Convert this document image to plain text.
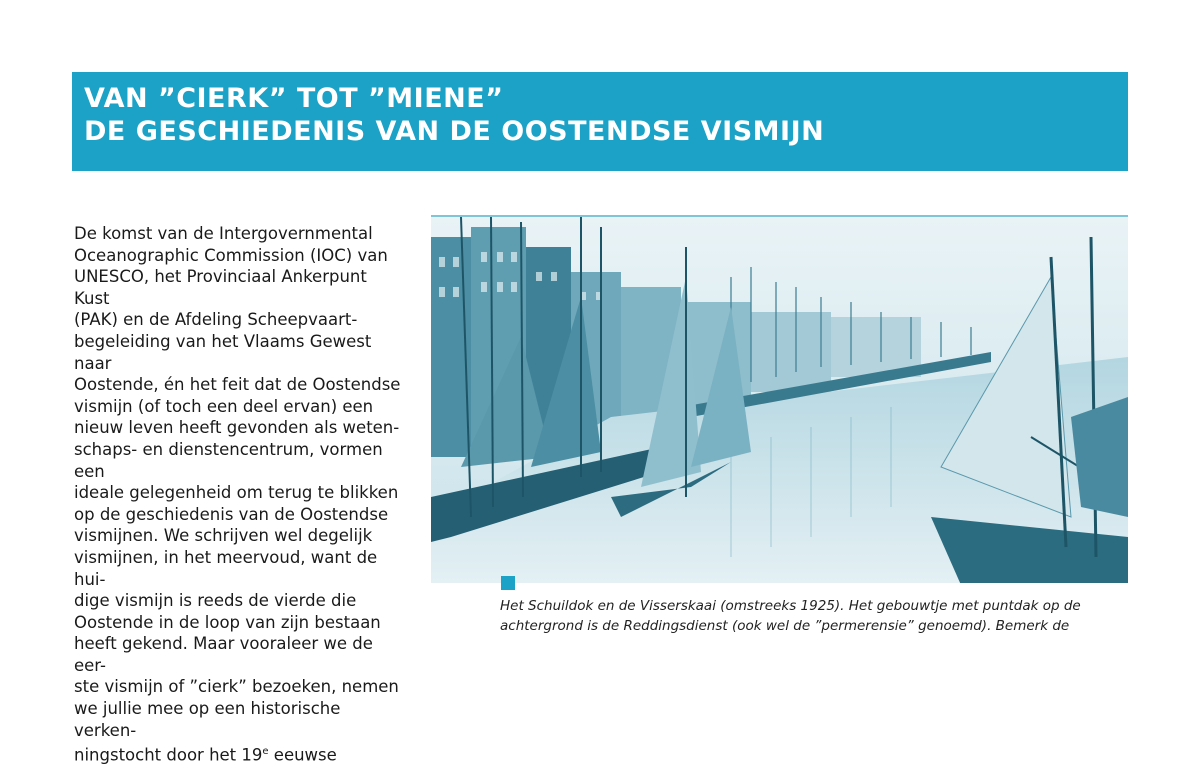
VAN ”CIERK” TOT ”MIENE”
DE GESCHIEDENIS VAN DE OOSTENDSE VISMIJN
De komst van de Intergovernmental
Oceanographic Commission (IOC) van
UNESCO, het Provinciaal Ankerpunt Kust
(PAK) en de Afdeling Scheepvaart-
begeleiding van het Vlaams Gewest naar
Oostende, én het feit dat de Oostendse
vismijn (of toch een deel ervan) een
nieuw leven heeft gevonden als weten-
schaps- en dienstencentrum, vormen een
ideale gelegenheid om terug te blikken
op de geschiedenis van de Oostendse
vismijnen. We schrijven wel degelijk
vismijnen, in het meervoud, want de hui-
dige vismijn is reeds de vierde die
Oostende in de loop van zijn bestaan
heeft gekend. Maar vooraleer we de eer-
ste vismijn of ”cierk” bezoeken, nemen
we jullie mee op een historische verken-
ningstocht door het 19e eeuwse
Het Schuildok en de Visserskaai (omstreeks 1925). Het gebouwtje met puntdak op de
achtergrond is de Reddingsdienst (ook wel de ”permerensie” genoemd). Bemerk de
